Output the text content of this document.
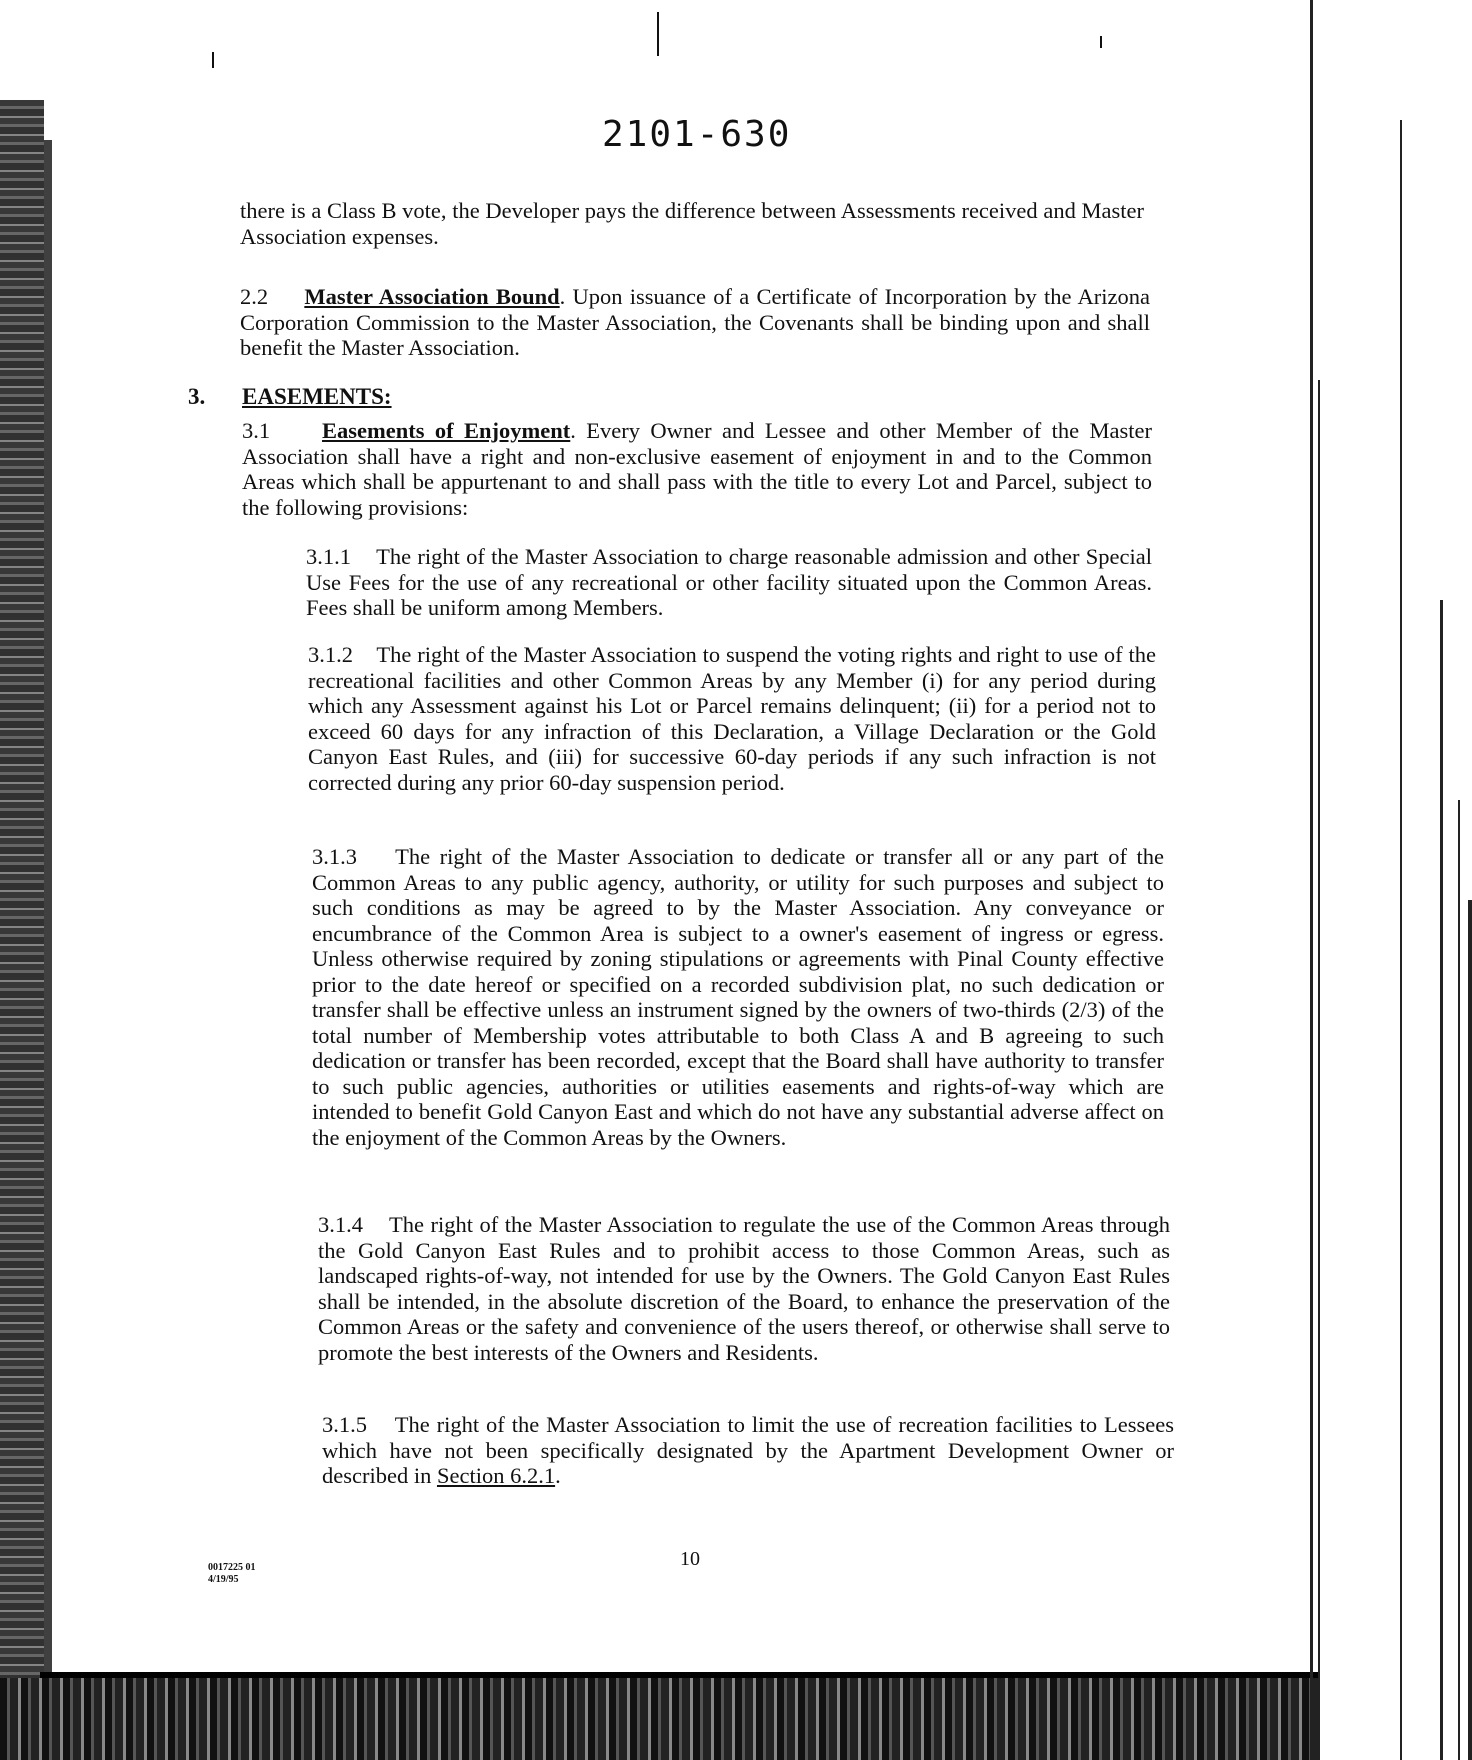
2101-630
there is a Class B vote, the Developer pays the difference between Assessments received and Master Association expenses.
2.2 Master Association Bound. Upon issuance of a Certificate of Incorporation by the Arizona Corporation Commission to the Master Association, the Covenants shall be binding upon and shall benefit the Master Association.
3. EASEMENTS:
3.1 Easements of Enjoyment. Every Owner and Lessee and other Member of the Master Association shall have a right and non-exclusive easement of enjoyment in and to the Common Areas which shall be appurtenant to and shall pass with the title to every Lot and Parcel, subject to the following provisions:
3.1.1 The right of the Master Association to charge reasonable admission and other Special Use Fees for the use of any recreational or other facility situated upon the Common Areas. Fees shall be uniform among Members.
3.1.2 The right of the Master Association to suspend the voting rights and right to use of the recreational facilities and other Common Areas by any Member (i) for any period during which any Assessment against his Lot or Parcel remains delinquent; (ii) for a period not to exceed 60 days for any infraction of this Declaration, a Village Declaration or the Gold Canyon East Rules, and (iii) for successive 60-day periods if any such infraction is not corrected during any prior 60-day suspension period.
3.1.3 The right of the Master Association to dedicate or transfer all or any part of the Common Areas to any public agency, authority, or utility for such purposes and subject to such conditions as may be agreed to by the Master Association. Any conveyance or encumbrance of the Common Area is subject to a owner's easement of ingress or egress. Unless otherwise required by zoning stipulations or agreements with Pinal County effective prior to the date hereof or specified on a recorded subdivision plat, no such dedication or transfer shall be effective unless an instrument signed by the owners of two-thirds (2/3) of the total number of Membership votes attributable to both Class A and B agreeing to such dedication or transfer has been recorded, except that the Board shall have authority to transfer to such public agencies, authorities or utilities easements and rights-of-way which are intended to benefit Gold Canyon East and which do not have any substantial adverse affect on the enjoyment of the Common Areas by the Owners.
3.1.4 The right of the Master Association to regulate the use of the Common Areas through the Gold Canyon East Rules and to prohibit access to those Common Areas, such as landscaped rights-of-way, not intended for use by the Owners. The Gold Canyon East Rules shall be intended, in the absolute discretion of the Board, to enhance the preservation of the Common Areas or the safety and convenience of the users thereof, or otherwise shall serve to promote the best interests of the Owners and Residents.
3.1.5 The right of the Master Association to limit the use of recreation facilities to Lessees which have not been specifically designated by the Apartment Development Owner or described in Section 6.2.1.
10
0017225 01
4/19/95
